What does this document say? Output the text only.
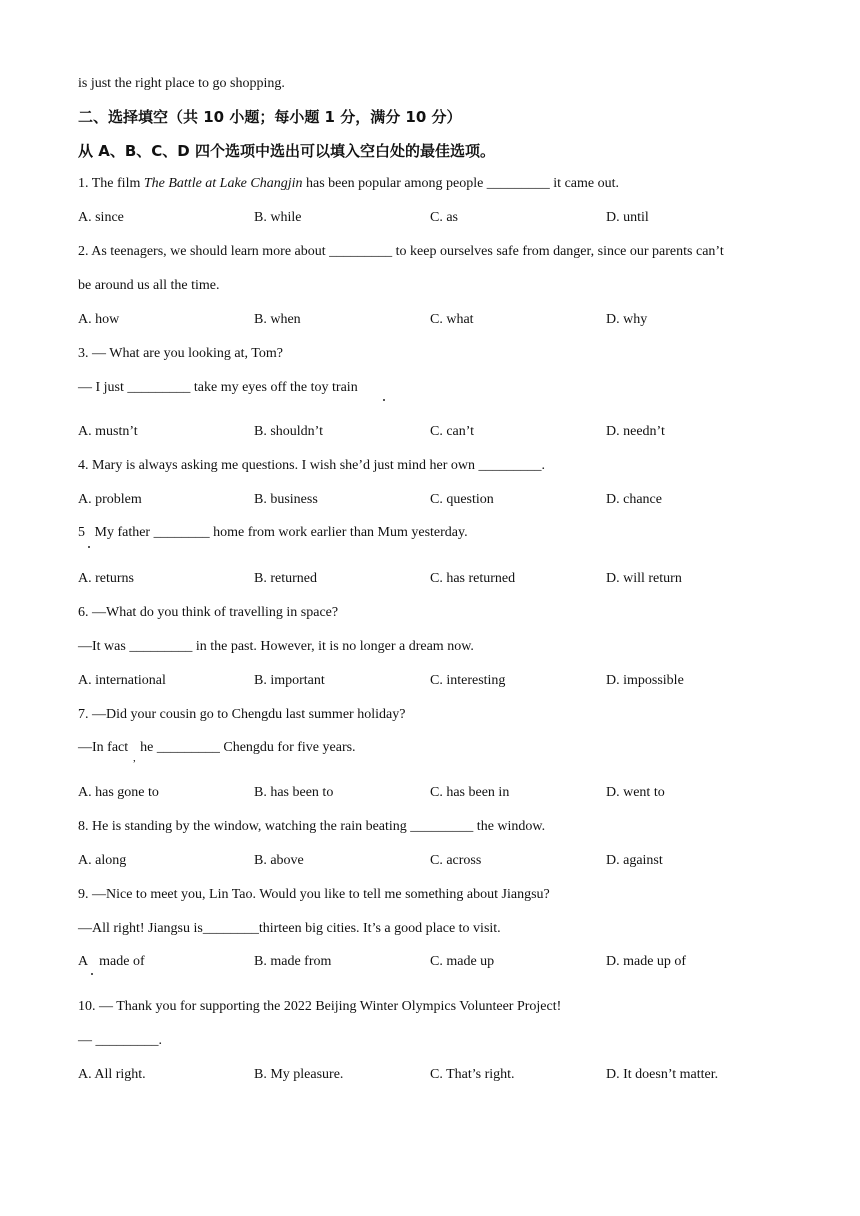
is just the right place to go shopping.
二、选择填空（共 10 小题；每小题 1 分，满分 10 分）
从 A、B、C、D 四个选项中选出可以填入空白处的最佳选项。
1. The film The Battle at Lake Changjin has been popular among people _________ it came out.
A. since	B. while	C. as	D. until
2. As teenagers, we should learn more about _________ to keep ourselves safe from danger, since our parents can’t
be around us all the time.
A. how	B. when	C. what	D. why
3. — What are you looking at, Tom?
— I just _________ take my eyes off the toy train
A. mustn’t	B. shouldn’t	C. can’t	D. needn’t
4. Mary is always asking me questions. I wish she’d just mind her own _________.
A. problem	B. business	C. question	D. chance
5 My father ________ home from work earlier than Mum yesterday.
A. returns	B. returned	C. has returned	D. will return
6. —What do you think of travelling in space?
—It was _________ in the past. However, it is no longer a dream now.
A. international	B. important	C. interesting	D. impossible
7. —Did your cousin go to Chengdu last summer holiday?
—In fact he _________ Chengdu for five years.
,
A. has gone to	B. has been to	C. has been in	D. went to
8. He is standing by the window, watching the rain beating _________ the window.
A. along	B. above	C. across	D. against
9. —Nice to meet you, Lin Tao. Would you like to tell me something about Jiangsu?
—All right! Jiangsu is________thirteen big cities. It’s a good place to visit.
A made of	B. made from	C. made up	D. made up of
10. — Thank you for supporting the 2022 Beijing Winter Olympics Volunteer Project!
— _________.
A. All right.	B. My pleasure.	C. That’s right.	D. It doesn’t matter.
